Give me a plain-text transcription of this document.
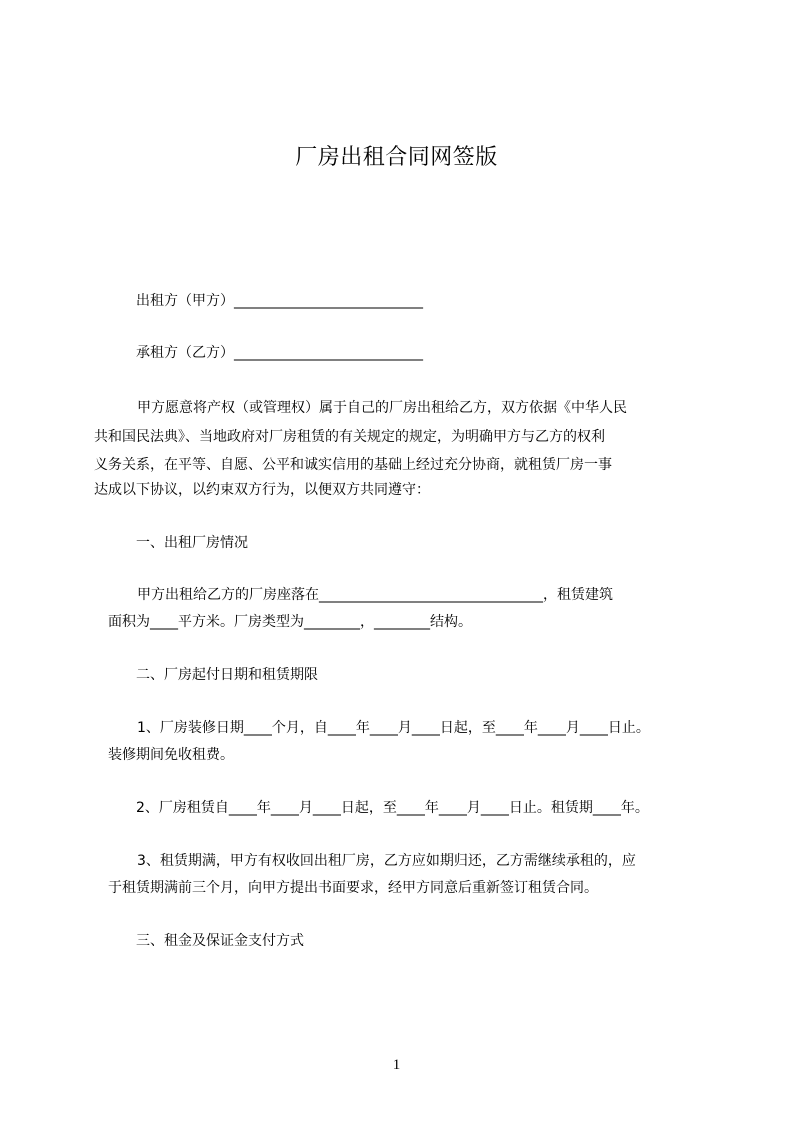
厂房出租合同网签版

出租方（甲方）___________________________

承租方（乙方）___________________________

甲方愿意将产权（或管理权）属于自己的厂房出租给乙方，双方依据《中华人民

共和国民法典》、当地政府对厂房租赁的有关规定的规定，为明确甲方与乙方的权利

义务关系，在平等、自愿、公平和诚实信用的基础上经过充分协商，就租赁厂房一事

达成以下协议，以约束双方行为，以便双方共同遵守：

一、出租厂房情况

甲方出租给乙方的厂房座落在________________________________，租赁建筑

面积为____平方米。厂房类型为________，________结构。

二、厂房起付日期和租赁期限

1、厂房装修日期____个月，自____年____月____日起，至____年____月____日止。

装修期间免收租费。

2、厂房租赁自____年____月____日起，至____年____月____日止。租赁期____年。

3、租赁期满，甲方有权收回出租厂房，乙方应如期归还，乙方需继续承租的，应

于租赁期满前三个月，向甲方提出书面要求，经甲方同意后重新签订租赁合同。

三、租金及保证金支付方式

1
